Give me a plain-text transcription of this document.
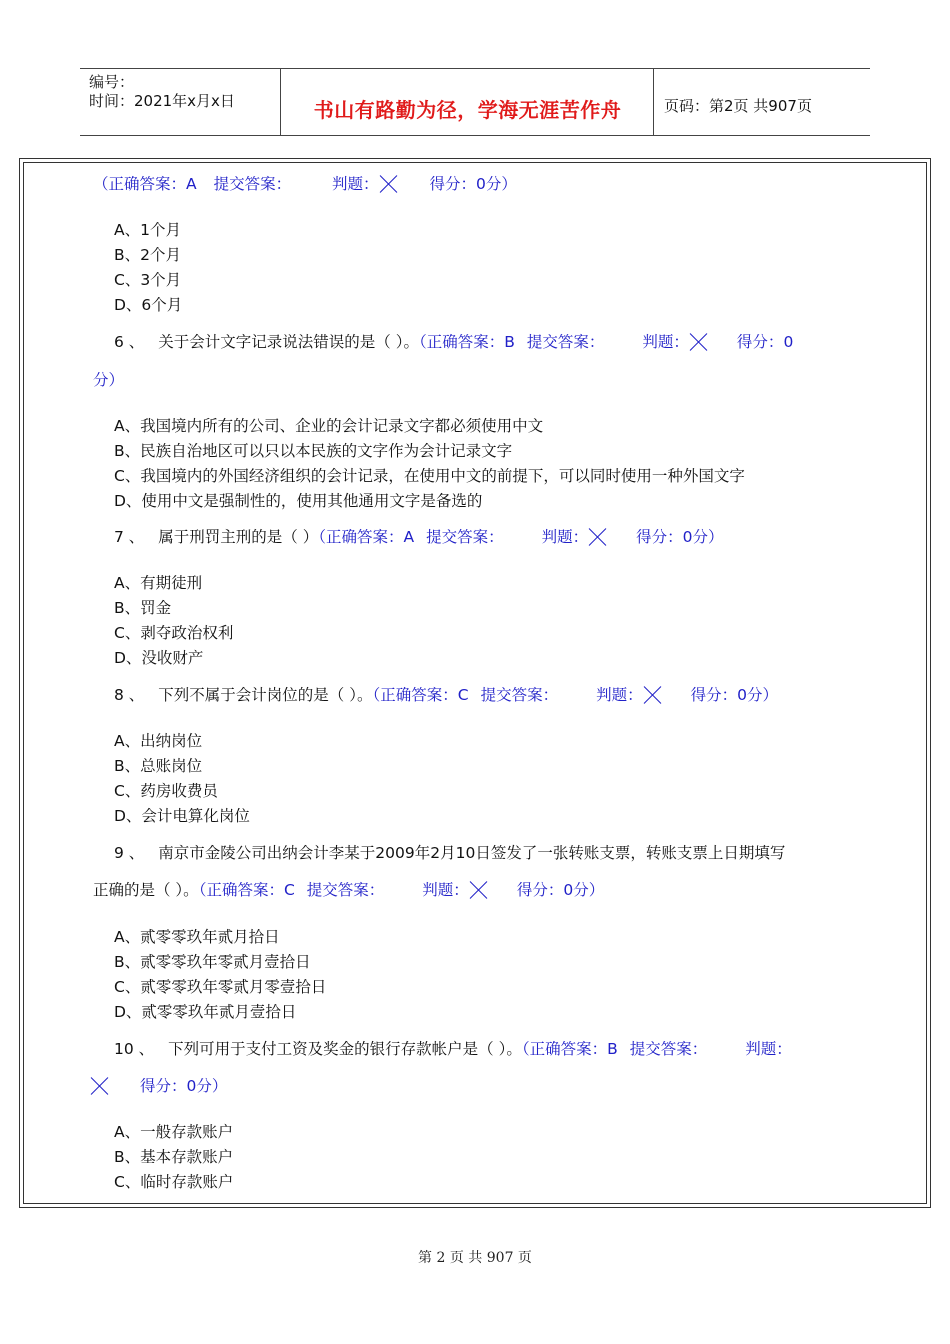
编号：
时间：2021年x月x日	书山有路勤为径，学海无涯苦作舟	页码：第2页 共907页
（正确答案：A 提交答案：	判题：	得分：0分）
A、1个月
B、2个月
C、3个月
D、6个月
6 、 关于会计文字记录说法错误的是（ ）。（正确答案：B 提交答案： 判题：	得分：0
分）
A、我国境内所有的公司、企业的会计记录文字都必须使用中文
B、民族自治地区可以只以本民族的文字作为会计记录文字
C、我国境内的外国经济组织的会计记录，在使用中文的前提下，可以同时使用一种外国文字
D、使用中文是强制性的，使用其他通用文字是备选的
7 、 属于刑罚主刑的是（ ）（正确答案：A 提交答案： 判题：	得分：0分）
A、有期徒刑
B、罚金
C、剥夺政治权利
D、没收财产
8 、 下列不属于会计岗位的是（ ）。（正确答案：C 提交答案： 判题：	得分：0分）
A、出纳岗位
B、总账岗位
C、药房收费员
D、会计电算化岗位
9 、 南京市金陵公司出纳会计李某于2009年2月10日签发了一张转账支票，转账支票上日期填写
正确的是（ ）。（正确答案：C 提交答案： 判题：	得分：0分）
A、贰零零玖年贰月拾日
B、贰零零玖年零贰月壹拾日
C、贰零零玖年零贰月零壹拾日
D、贰零零玖年贰月壹拾日
10 、 下列可用于支付工资及奖金的银行存款帐户是（ ）。（正确答案：B 提交答案： 判题：
得分：0分）
A、一般存款账户
B、基本存款账户
C、临时存款账户
第 2 页 共 907 页
